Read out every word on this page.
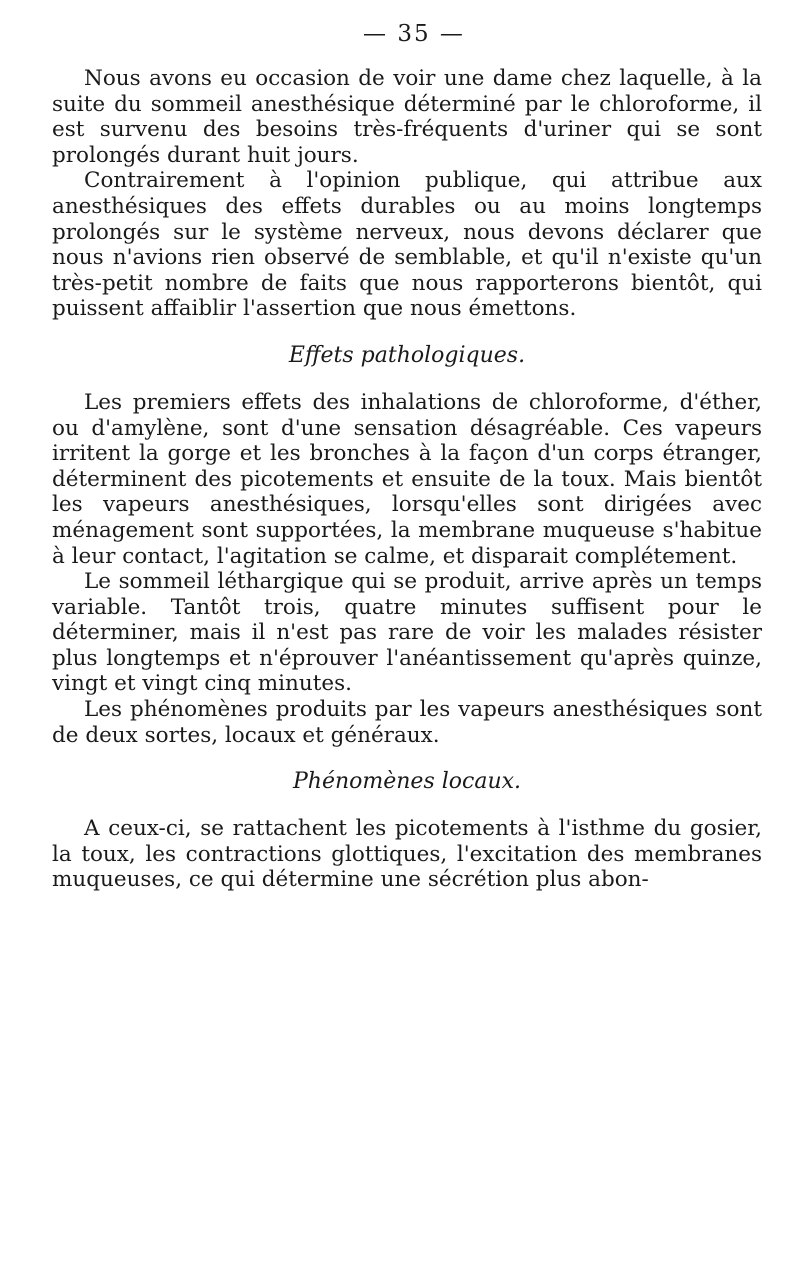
— 35 —

Nous avons eu occasion de voir une dame chez laquelle, à la suite du sommeil anesthésique déterminé par le chloroforme, il est survenu des besoins très-fréquents d'uriner qui se sont prolongés durant huit jours.

Contrairement à l'opinion publique, qui attribue aux anesthésiques des effets durables ou au moins longtemps prolongés sur le système nerveux, nous devons déclarer que nous n'avions rien observé de semblable, et qu'il n'existe qu'un très-petit nombre de faits que nous rapporterons bientôt, qui puissent affaiblir l'assertion que nous émettons.

Effets pathologiques.

Les premiers effets des inhalations de chloroforme, d'éther, ou d'amylène, sont d'une sensation désagréable. Ces vapeurs irritent la gorge et les bronches à la façon d'un corps étranger, déterminent des picotements et ensuite de la toux. Mais bientôt les vapeurs anesthésiques, lorsqu'elles sont dirigées avec ménagement sont supportées, la membrane muqueuse s'habitue à leur contact, l'agitation se calme, et disparait complétement.

Le sommeil léthargique qui se produit, arrive après un temps variable. Tantôt trois, quatre minutes suffisent pour le déterminer, mais il n'est pas rare de voir les malades résister plus longtemps et n'éprouver l'anéantissement qu'après quinze, vingt et vingt cinq minutes.

Les phénomènes produits par les vapeurs anesthésiques sont de deux sortes, locaux et généraux.

Phénomènes locaux.

A ceux-ci, se rattachent les picotements à l'isthme du gosier, la toux, les contractions glottiques, l'excitation des membranes muqueuses, ce qui détermine une sécrétion plus abon-
